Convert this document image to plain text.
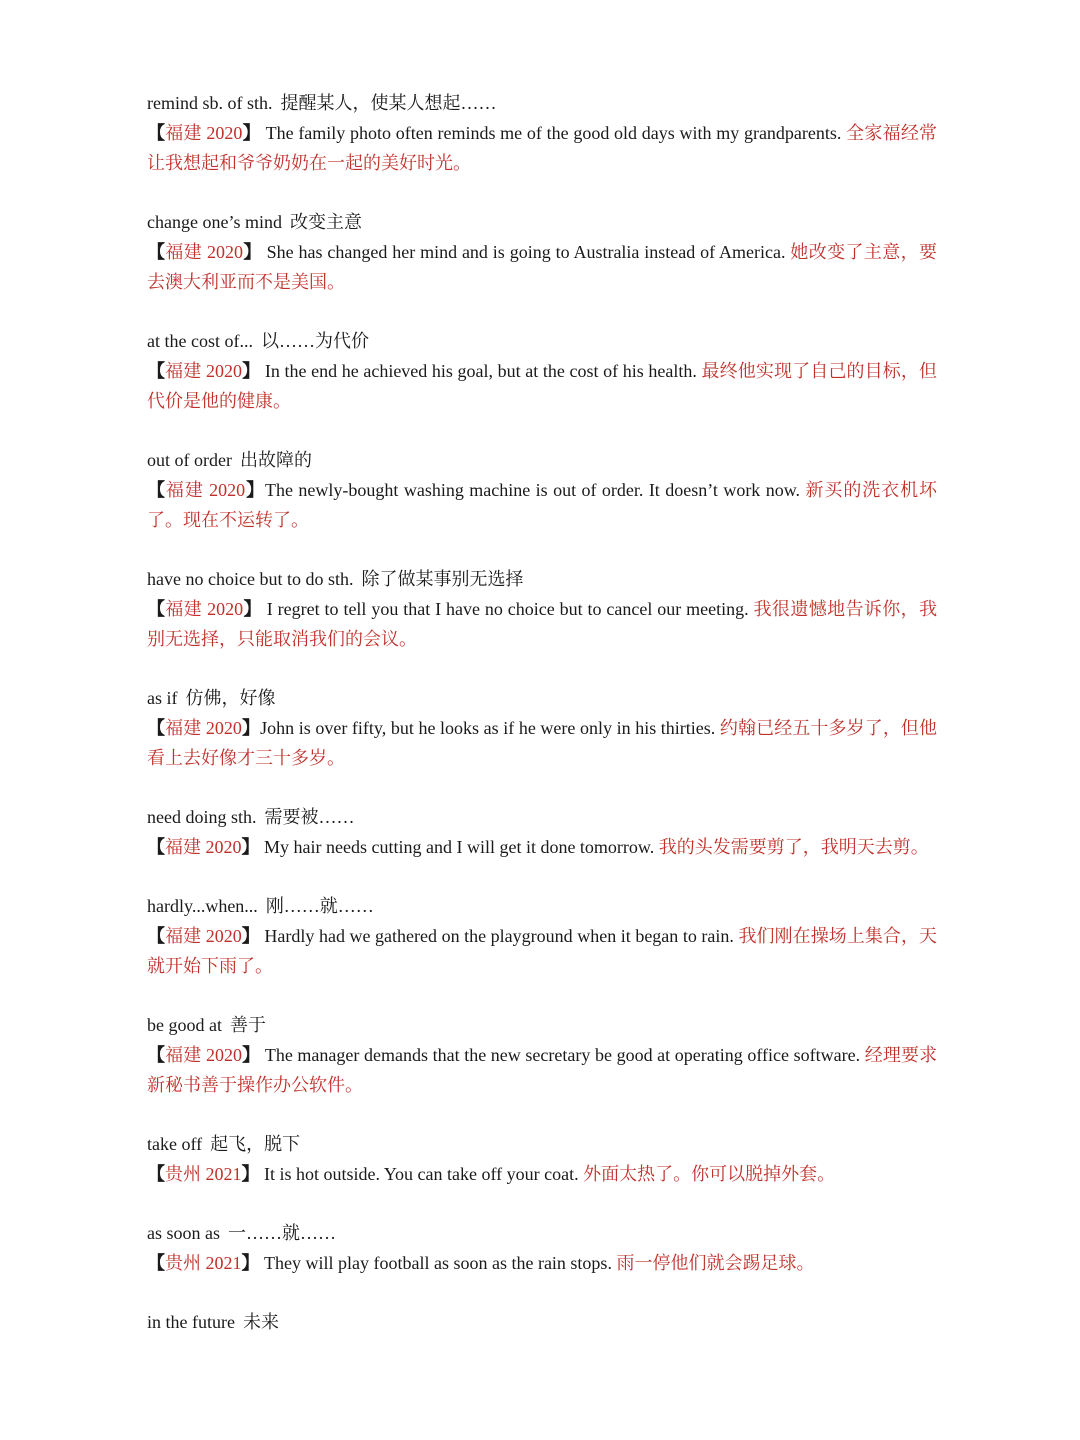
remind sb. of sth. 提醒某人，使某人想起……
【福建 2020】 The family photo often reminds me of the good old days with my grandparents. 全家福经常让我想起和爷爷奶奶在一起的美好时光。
change one’s mind 改变主意
【福建 2020】 She has changed her mind and is going to Australia instead of America. 她改变了主意，要去澳大利亚而不是美国。
at the cost of... 以……为代价
【福建 2020】 In the end he achieved his goal, but at the cost of his health. 最终他实现了自己的目标，但代价是他的健康。
out of order 出故障的
【福建 2020】The newly-bought washing machine is out of order. It doesn’t work now. 新买的洗衣机坏了。现在不运转了。
have no choice but to do sth. 除了做某事别无选择
【福建 2020】 I regret to tell you that I have no choice but to cancel our meeting. 我很遗憾地告诉你，我别无选择，只能取消我们的会议。
as if 仿佛，好像
【福建 2020】John is over fifty, but he looks as if he were only in his thirties. 约翰已经五十多岁了，但他看上去好像才三十多岁。
need doing sth. 需要被……
【福建 2020】 My hair needs cutting and I will get it done tomorrow. 我的头发需要剪了，我明天去剪。
hardly...when... 刚……就……
【福建 2020】 Hardly had we gathered on the playground when it began to rain. 我们刚在操场上集合，天就开始下雨了。
be good at 善于
【福建 2020】 The manager demands that the new secretary be good at operating office software. 经理要求新秘书善于操作办公软件。
take off 起飞，脱下
【贵州 2021】 It is hot outside. You can take off your coat. 外面太热了。你可以脱掉外套。
as soon as 一……就……
【贵州 2021】 They will play football as soon as the rain stops. 雨一停他们就会踢足球。
in the future 未来
